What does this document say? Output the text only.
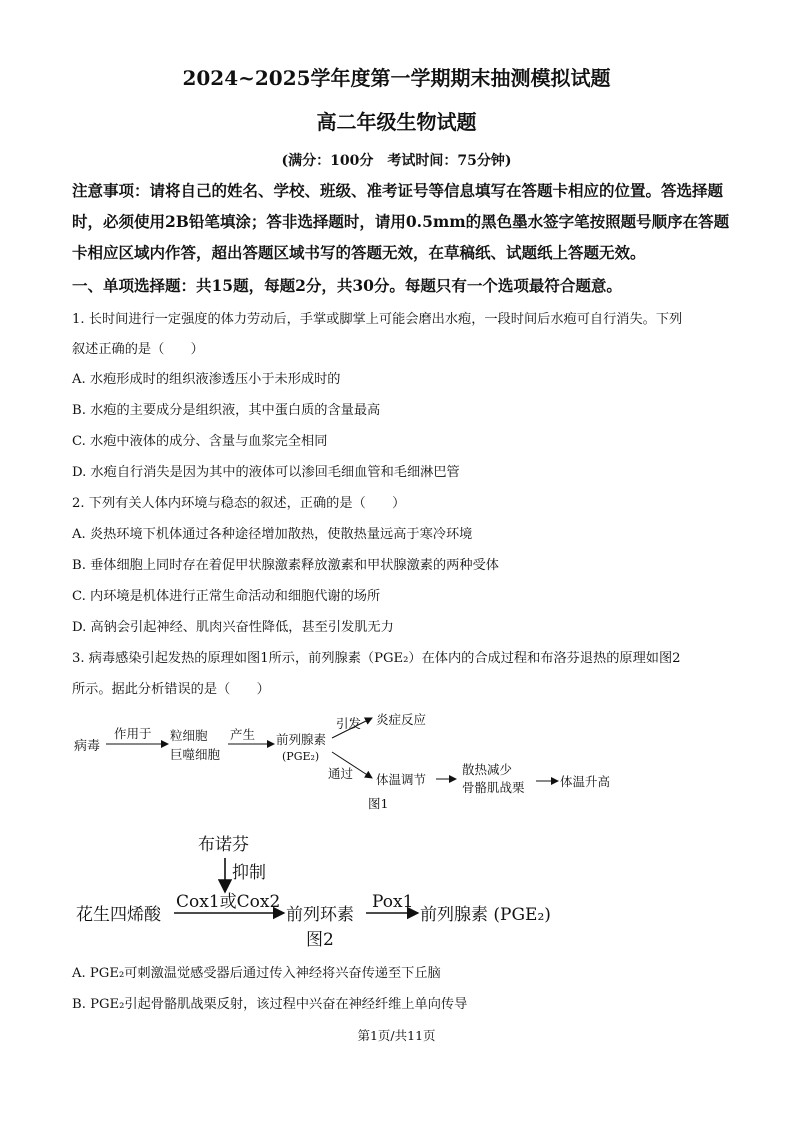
2024~2025学年度第一学期期末抽测模拟试题
高二年级生物试题
(满分：100分　考试时间：75分钟)
注意事项：请将自己的姓名、学校、班级、准考证号等信息填写在答题卡相应的位置。答选择题时，必须使用2B铅笔填涂；答非选择题时，请用0.5mm的黑色墨水签字笔按照题号顺序在答题卡相应区域内作答，超出答题区域书写的答题无效，在草稿纸、试题纸上答题无效。
一、单项选择题：共15题，每题2分，共30分。每题只有一个选项最符合题意。
1. 长时间进行一定强度的体力劳动后，手掌或脚掌上可能会磨出水疱，一段时间后水疱可自行消失。下列
叙述正确的是（　　）
A. 水疱形成时的组织液渗透压小于未形成时的
B. 水疱的主要成分是组织液，其中蛋白质的含量最高
C. 水疱中液体的成分、含量与血浆完全相同
D. 水疱自行消失是因为其中的液体可以渗回毛细血管和毛细淋巴管
2. 下列有关人体内环境与稳态的叙述，正确的是（　　）
A. 炎热环境下机体通过各种途径增加散热，使散热量远高于寒冷环境
B. 垂体细胞上同时存在着促甲状腺激素释放激素和甲状腺激素的两种受体
C. 内环境是机体进行正常生命活动和细胞代谢的场所
D. 高钠会引起神经、肌肉兴奋性降低，甚至引发肌无力
3. 病毒感染引起发热的原理如图1所示，前列腺素（PGE₂）在体内的合成过程和布洛芬退热的原理如图2
所示。据此分析错误的是（　　）
病毒
作用于 粒细胞
巨噬细胞
产生 前列腺素
(PGE₂)
引发 炎症反应
通过 体温调节
散热减少
骨骼肌战栗	体温升高
图1
布诺芬
抑制
花生四烯酸
Cox1或Cox2
前列环素
Pox1
前列腺素 (PGE₂)
图2
A. PGE₂可刺激温觉感受器后通过传入神经将兴奋传递至下丘脑
B. PGE₂引起骨骼肌战栗反射，该过程中兴奋在神经纤维上单向传导
第1页/共11页
